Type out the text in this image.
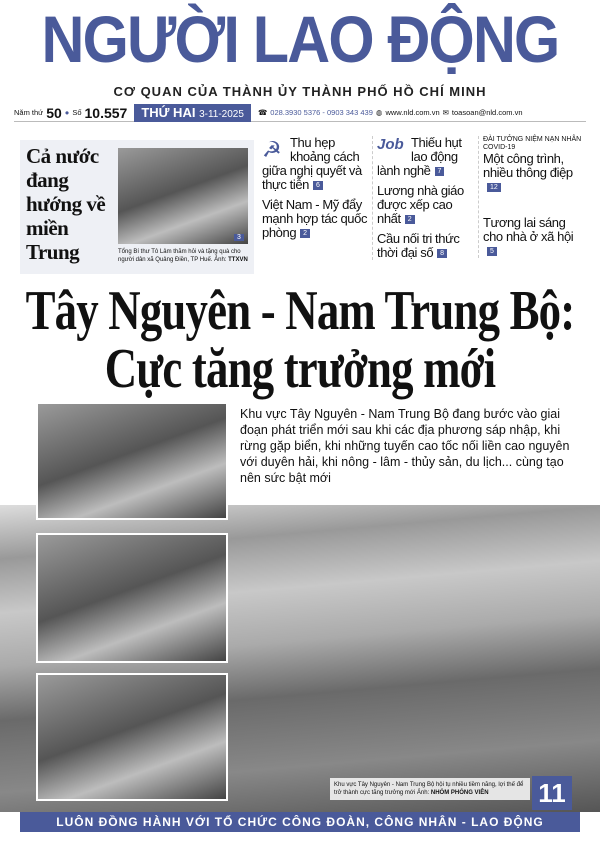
NGƯỜI LAO ĐỘNG
CƠ QUAN CỦA THÀNH ỦY THÀNH PHỐ HỒ CHÍ MINH
Năm thứ 50 ● Số 10.557	THỨ HAI 3-11-2025	☎ 028.3930 5376 - 0903 343 439 ◍ www.nld.com.vn ✉ toasoan@nld.com.vn
Cả nước đang hướng về miền Trung
3
Tổng Bí thư Tô Lâm thăm hỏi và tặng quà cho người dân xã Quảng Điền, TP Huế. Ảnh: TTXVN
☭ Thu hẹp khoảng cách giữa nghị quyết và thực tiễn 6
Việt Nam - Mỹ đẩy mạnh hợp tác quốc phòng 2
Job Thiếu hụt lao động lành nghề 7
Lương nhà giáo được xếp cao nhất 2
Cầu nối tri thức thời đại số 8
ĐÀI TƯỞNG NIỆM NẠN NHÂN COVID-19
Một công trình, nhiều thông điệp12
Tương lai sáng cho nhà ở xã hội5
Tây Nguyên - Nam Trung Bộ:
Cực tăng trưởng mới
Khu vực Tây Nguyên - Nam Trung Bộ đang bước vào giai đoạn phát triển mới sau khi các địa phương sáp nhập, khi rừng gặp biển, khi những tuyến cao tốc nối liền cao nguyên với duyên hải, khi nông - lâm - thủy sản, du lịch... cùng tạo nên sức bật mới
Khu vực Tây Nguyên - Nam Trung Bộ hội tụ nhiều tiềm năng, lợi thế để trở thành cực tăng trưởng mới Ảnh: NHÓM PHÓNG VIÊN	11
LUÔN ĐỒNG HÀNH VỚI TỔ CHỨC CÔNG ĐOÀN, CÔNG NHÂN - LAO ĐỘNG
